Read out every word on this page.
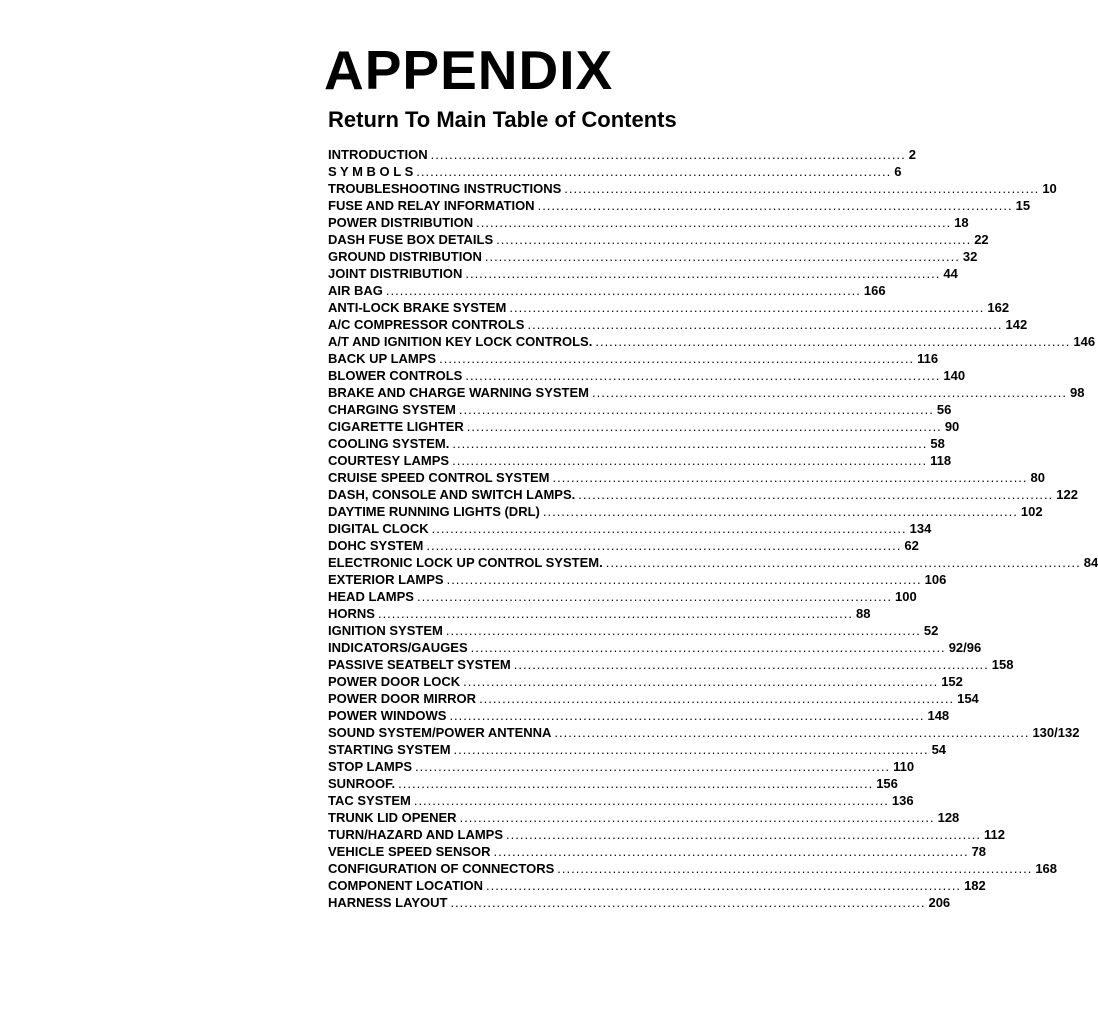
APPENDIX
Return To Main Table of Contents
INTRODUCTION ....................................................................................................... 2
S Y M B O L S ....................................................................................................... 6
TROUBLESHOOTING INSTRUCTIONS ....................................................................................................... 10
FUSE AND RELAY INFORMATION ....................................................................................................... 15
POWER DISTRIBUTION ....................................................................................................... 18
DASH FUSE BOX DETAILS ....................................................................................................... 22
GROUND DISTRIBUTION ....................................................................................................... 32
JOINT DISTRIBUTION ....................................................................................................... 44
AIR BAG ....................................................................................................... 166
ANTI-LOCK BRAKE SYSTEM ....................................................................................................... 162
A/C COMPRESSOR CONTROLS ....................................................................................................... 142
A/T AND IGNITION KEY LOCK CONTROLS. ....................................................................................................... 146
BACK UP LAMPS ....................................................................................................... 116
BLOWER CONTROLS ....................................................................................................... 140
BRAKE AND CHARGE WARNING SYSTEM ....................................................................................................... 98
CHARGING SYSTEM ....................................................................................................... 56
CIGARETTE LIGHTER ....................................................................................................... 90
COOLING SYSTEM. ....................................................................................................... 58
COURTESY LAMPS ....................................................................................................... 118
CRUISE SPEED CONTROL SYSTEM ....................................................................................................... 80
DASH, CONSOLE AND SWITCH LAMPS. ....................................................................................................... 122
DAYTIME RUNNING LIGHTS (DRL) ....................................................................................................... 102
DIGITAL CLOCK ....................................................................................................... 134
DOHC SYSTEM ....................................................................................................... 62
ELECTRONIC LOCK UP CONTROL SYSTEM. ....................................................................................................... 84
EXTERIOR LAMPS ....................................................................................................... 106
HEAD LAMPS ....................................................................................................... 100
HORNS ....................................................................................................... 88
IGNITION SYSTEM ....................................................................................................... 52
INDICATORS/GAUGES ....................................................................................................... 92/96
PASSIVE SEATBELT SYSTEM ....................................................................................................... 158
POWER DOOR LOCK ....................................................................................................... 152
POWER DOOR MIRROR ....................................................................................................... 154
POWER WINDOWS ....................................................................................................... 148
SOUND SYSTEM/POWER ANTENNA ....................................................................................................... 130/132
STARTING SYSTEM ....................................................................................................... 54
STOP LAMPS ....................................................................................................... 110
SUNROOF. ....................................................................................................... 156
TAC SYSTEM ....................................................................................................... 136
TRUNK LID OPENER ....................................................................................................... 128
TURN/HAZARD AND LAMPS ....................................................................................................... 112
VEHICLE SPEED SENSOR ....................................................................................................... 78
CONFIGURATION OF CONNECTORS ....................................................................................................... 168
COMPONENT LOCATION ....................................................................................................... 182
HARNESS LAYOUT ....................................................................................................... 206
